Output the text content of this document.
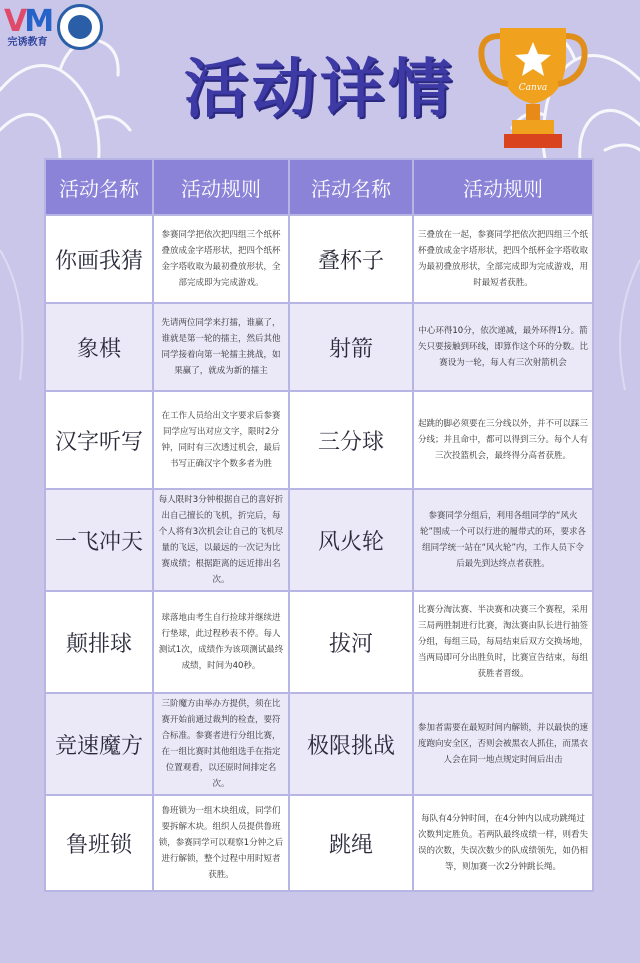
VM
完诱教育
活动详情	Canva
活动名称	活动规则	活动名称	活动规则
你画我猜	参赛同学把依次把四组三个纸杯叠放成金字塔形状，把四个纸杯金字塔收取为最初叠放形状，全部完成即为完成游戏。	叠杯子	三叠放在一起，参赛同学把依次把四组三个纸杯叠放成金字塔形状，把四个纸杯金字塔收取为最初叠放形状，全部完成即为完成游戏，用时最短者获胜。
象棋	先请两位同学来打擂，谁赢了，谁就是第一轮的擂主，然后其他同学接着向第一轮擂主挑战，如果赢了，就成为新的擂主	射箭	中心环得10分，依次递减，最外环得1分。箭矢只要接触到环线，即算作这个环的分数。比赛设为一轮，每人有三次射箭机会
汉字听写	在工作人员给出文字要求后参赛同学应写出对应文字，限时2分钟，同时有三次透过机会，最后书写正确汉字个数多者为胜	三分球	起跳的脚必须要在三分线以外，并不可以踩三分线；并且命中，都可以得到三分。每个人有三次投篮机会，最终得分高者获胜。
一飞冲天	每人限时3分钟根据自己的喜好折出自己擅长的飞机，折完后，每个人将有3次机会让自己的飞机尽量的飞远，以最远的一次记为比赛成绩；根据距离的远近排出名次。	风火轮	参赛同学分组后，利用各组同学的“风火轮”围成一个可以行进的履带式的环，要求各组同学统一站在“风火轮”内，工作人员下令后最先到达终点者获胜。
颠排球	球落地由考生自行捡球并继续进行垫球，此过程秒表不停。每人测试1次，成绩作为该项测试最终成绩，时间为40秒。	拔河	比赛分淘汰赛、半决赛和决赛三个赛程，采用三局两胜制进行比赛，淘汰赛由队长进行抽签分组，每组三局，每局结束后双方交换场地，当两局即可分出胜负时，比赛宣告结束，每组获胜者晋级。
竞速魔方	三阶魔方由举办方提供，须在比赛开始前通过裁判的检查，要符合标准。参赛者进行分组比赛，在一组比赛时其他组选手在指定位置观看，以还原时间排定名次。	极限挑战	参加者需要在最短时间内解锁，并以最快的速度跑向安全区，否则会被黑衣人抓住，而黑衣人会在同一地点规定时间后出击
鲁班锁	鲁班锁为一组木块组成，同学们要拆解木块。组织人员提供鲁班锁，参赛同学可以观察1分钟之后进行解锁，整个过程中用时短者获胜。	跳绳	每队有4分钟时间，在4分钟内以成功跳绳过次数判定胜负。若两队最终成绩一样，则看失误的次数，失误次数少的队成绩领先，如仍相等，则加赛一次2分钟跳长绳。
